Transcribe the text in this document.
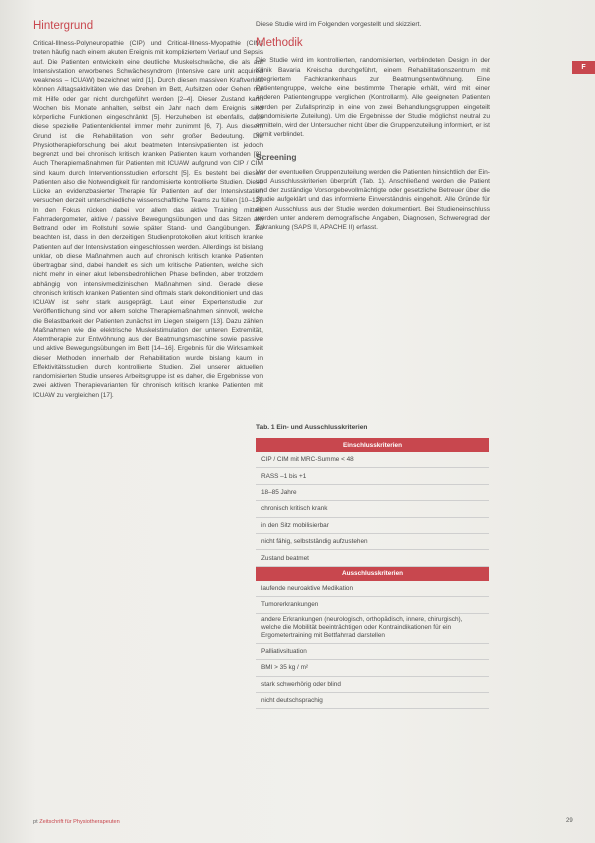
Hintergrund

Critical-Illness-Polyneuropathie (CIP) und Critical-Illness-Myopathie (CIM) treten häufig nach einem akuten Ereignis mit kompliziertem Verlauf und Sepsis auf. Die Patienten entwickeln eine deutliche Muskelschwäche, die als auf Intensivstation erworbenes Schwächesyndrom (Intensive care unit acquired weakness – ICUAW) bezeichnet wird [1]. Durch diesen massiven Kraftverlust können Alltagsaktivitäten wie das Drehen im Bett, Aufsitzen oder Gehen nur mit Hilfe oder gar nicht durchgeführt werden [2–4]. Dieser Zustand kann Wochen bis Monate anhalten, selbst ein Jahr nach dem Ereignis sind körperliche Funktionen eingeschränkt [5]. Herzuheben ist ebenfalls, dass diese spezielle Patientenklientel immer mehr zunimmt [6, 7]. Aus diesem Grund ist die Rehabilitation von sehr großer Bedeutung. Die Physiotherapieforschung bei akut beatmeten Intensivpatienten ist jedoch begrenzt und bei chronisch kritisch kranken Patienten kaum vorhanden [8]. Auch Therapiemaßnahmen für Patienten mit ICUAW aufgrund von CIP / CIM sind kaum durch Interventionsstudien erforscht [5]. Es besteht bei diesen Patienten also die Notwendigkeit für randomisierte kontrollierte Studien. Diese Lücke an evidenzbasierter Therapie für Patienten auf der Intensivstation versuchen derzeit unterschiedliche wissenschaftliche Teams zu füllen [10–12]. In den Fokus rücken dabei vor allem das aktive Training mittels Fahrradergometer, aktive / passive Bewegungsübungen und das Sitzen am Bettrand oder im Rollstuhl sowie später Stand- und Gangübungen. Zu beachten ist, dass in den derzeitigen Studienprotokollen akut kritisch kranke Patienten auf der Intensivstation eingeschlossen werden. Allerdings ist bislang unklar, ob diese Maßnahmen auch auf chronisch kritisch kranke Patienten übertragbar sind, dabei handelt es sich um kritische Patienten, welche sich nicht mehr in einer akut lebensbedrohlichen Phase befinden, aber trotzdem abhängig von intensivmedizinischen Maßnahmen sind. Gerade diese chronisch kritisch kranken Patienten sind oftmals stark dekonditioniert und das ICUAW ist sehr stark ausgeprägt. Laut einer Expertenstudie zur Veröffentlichung sind vor allem solche Therapiemaßnahmen sinnvoll, welche die Belastbarkeit der Patienten zunächst im Liegen steigern [13]. Dazu zählen Maßnahmen wie die elektrische Muskelstimulation der unteren Extremität, Atemtherapie zur Entwöhnung aus der Beatmungsmaschine sowie passive und aktive Bewegungsübungen im Bett [14–16]. Ergebnis für die Wirksamkeit dieser Methoden innerhalb der Rehabilitation wurde bislang kaum in Effektivitätsstudien durch kontrollierte Studien. Ziel unserer aktuellen randomisierten Studie unseres Arbeitsgruppe ist es daher, die Ergebnisse von zwei aktiven Therapievarianten für chronisch kritisch kranke Patienten mit ICUAW zu vergleichen [17].

Diese Studie wird im Folgenden vorgestellt und skizziert.

Methodik

Die Studie wird im kontrollierten, randomisierten, verblindeten Design in der Klinik Bavaria Kreischa durchgeführt, einem Rehabilitationszentrum mit integriertem Fachkrankenhaus zur Beatmungsentwöhnung. Eine Patientengruppe, welche eine bestimmte Therapie erhält, wird mit einer anderen Patientengruppe verglichen (Kontrollarm). Alle geeigneten Patienten werden per Zufallsprinzip in eine von zwei Behandlungsgruppen eingeteilt (randomisierte Zuteilung). Um die Ergebnisse der Studie möglichst neutral zu ermitteln, wird der Untersucher nicht über die Gruppenzuteilung informiert, er ist somit verblindet.

Screening

Vor der eventuellen Gruppenzuteilung werden die Patienten hinsichtlich der Ein- und Ausschlusskriterien überprüft (Tab. 1). Anschließend werden die Patient und der zuständige Vorsorgebevollmächtigte oder gesetzliche Betreuer über die Studie aufgeklärt und das informierte Einverständnis eingeholt. Alle Gründe für einen Ausschluss aus der Studie werden dokumentiert. Bei Studieneinschluss werden unter anderem demografische Angaben, Diagnosen, Schweregrad der Erkrankung (SAPS II, APACHE II) erfasst.

Tab. 1 Ein- und Ausschlusskriterien
Einschlusskriterien
CIP / CIM mit MRC-Summe < 48
RASS –1 bis +1
18–85 Jahre
chronisch kritisch krank
in den Sitz mobilisierbar
nicht fähig, selbstständig aufzustehen
Zustand beatmet
Ausschlusskriterien
laufende neuroaktive Medikation
Tumorerkrankungen
andere Erkrankungen (neurologisch, orthopädisch, innere, chirurgisch), welche die Mobilität beeinträchtigen oder Kontraindikationen für ein Ergometertraining mit Bettfahrrad darstellen
Palliativsituation
BMI > 35 kg / m²
stark schwerhörig oder blind
nicht deutschsprachig
F
pt Zeitschrift für Physiotherapeuten	29
